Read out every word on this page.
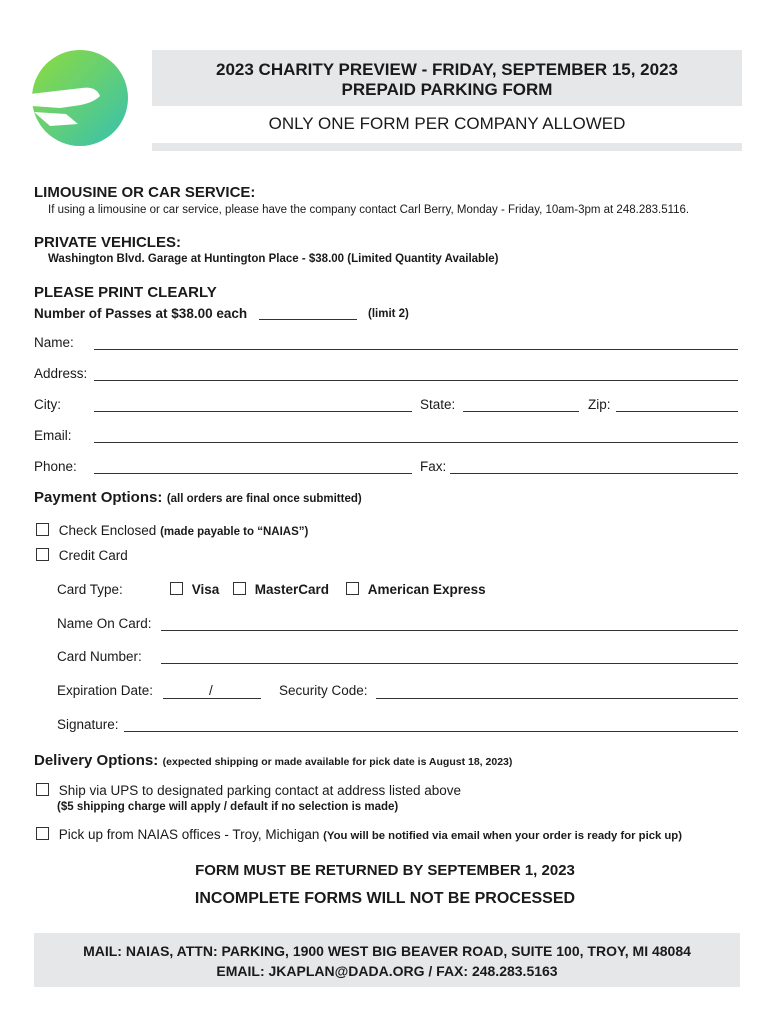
2023 CHARITY PREVIEW - FRIDAY, SEPTEMBER 15, 2023
PREPAID PARKING FORM
ONLY ONE FORM PER COMPANY ALLOWED
LIMOUSINE OR CAR SERVICE:
If using a limousine or car service, please have the company contact Carl Berry, Monday - Friday, 10am-3pm at 248.283.5116.
PRIVATE VEHICLES:
Washington Blvd. Garage at Huntington Place - $38.00 (Limited Quantity Available)
PLEASE PRINT CLEARLY
Number of Passes at $38.00 each	(limit 2)
Name:
Address:
City:	State:	Zip:
Email:
Phone:	Fax:
Payment Options: (all orders are final once submitted)
Check Enclosed (made payable to “NAIAS”)
Credit Card
Card Type:	Visa	MasterCard	American Express
Name On Card:
Card Number:
Expiration Date:	/	Security Code:
Signature:
Delivery Options: (expected shipping or made available for pick date is August 18, 2023)
Ship via UPS to designated parking contact at address listed above
($5 shipping charge will apply / default if no selection is made)
Pick up from NAIAS offices - Troy, Michigan (You will be notified via email when your order is ready for pick up)
FORM MUST BE RETURNED BY SEPTEMBER 1, 2023
INCOMPLETE FORMS WILL NOT BE PROCESSED
MAIL: NAIAS, ATTN: PARKING, 1900 WEST BIG BEAVER ROAD, SUITE 100, TROY, MI 48084
EMAIL: JKAPLAN@DADA.ORG / FAX: 248.283.5163
